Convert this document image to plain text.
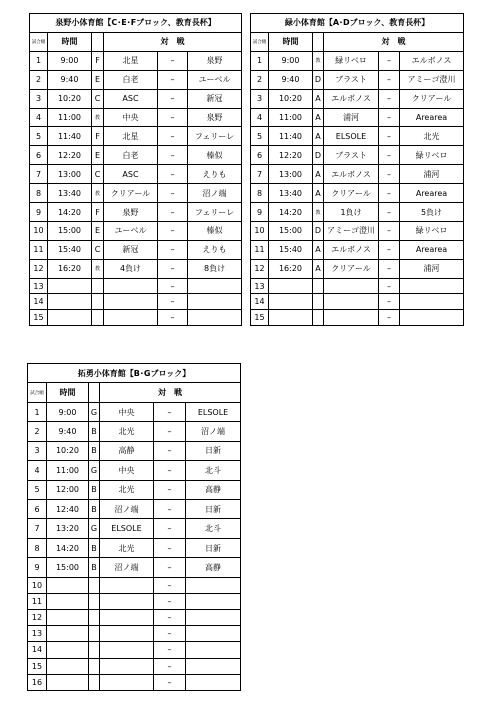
泉野小体育館【C･E･Fブロック、教育長杯】					
試合順	時間		対　戦		
1	9:00	F	北星	–	泉野
2	9:40	E	白老	–	ユーベル
3	10:20	C	ASC	–	新冠
4	11:00	教	中央	–	泉野
5	11:40	F	北星	–	フェリーレ
6	12:20	E	白老	–	榛似
7	13:00	C	ASC	–	えりも
8	13:40	教	クリアール	–	沼ノ端
9	14:20	F	泉野	–	フェリーレ
10	15:00	E	ユーベル	–	榛似
11	15:40	C	新冠	–	えりも
12	16:20	教	4負け	–	8負け
13				–	
14				–	
15				–	
緑小体育館【A･Dブロック、教育長杯】					
試合順	時間		対　戦		
1	9:00	教	緑リベロ	–	エルボノス
2	9:40	D	ブラスト	–	アミーゴ澄川
3	10:20	A	エルボノス	–	クリアール
4	11:00	A	浦河	–	Arearea
5	11:40	A	ELSOLE	–	北光
6	12:20	D	ブラスト	–	緑リベロ
7	13:00	A	エルボノス	–	浦河
8	13:40	A	クリアール	–	Arearea
9	14:20	教	1負け	–	5負け
10	15:00	D	アミーゴ澄川	–	緑リベロ
11	15:40	A	エルボノス	–	Arearea
12	16:20	A	クリアール	–	浦河
13				–	
14				–	
15				–	
拓勇小体育館【B･Gブロック】					
試合順	時間		対　戦		
1	9:00	G	中央	–	ELSOLE
2	9:40	B	北光	–	沼ノ端
3	10:20	B	高静	–	日新
4	11:00	G	中央	–	北斗
5	12:00	B	北光	–	高静
6	12:40	B	沼ノ端	–	日新
7	13:20	G	ELSOLE	–	北斗
8	14:20	B	北光	–	日新
9	15:00	B	沼ノ端	–	高静
10				–	
11				–	
12				–	
13				–	
14				–	
15				–	
16				–	
